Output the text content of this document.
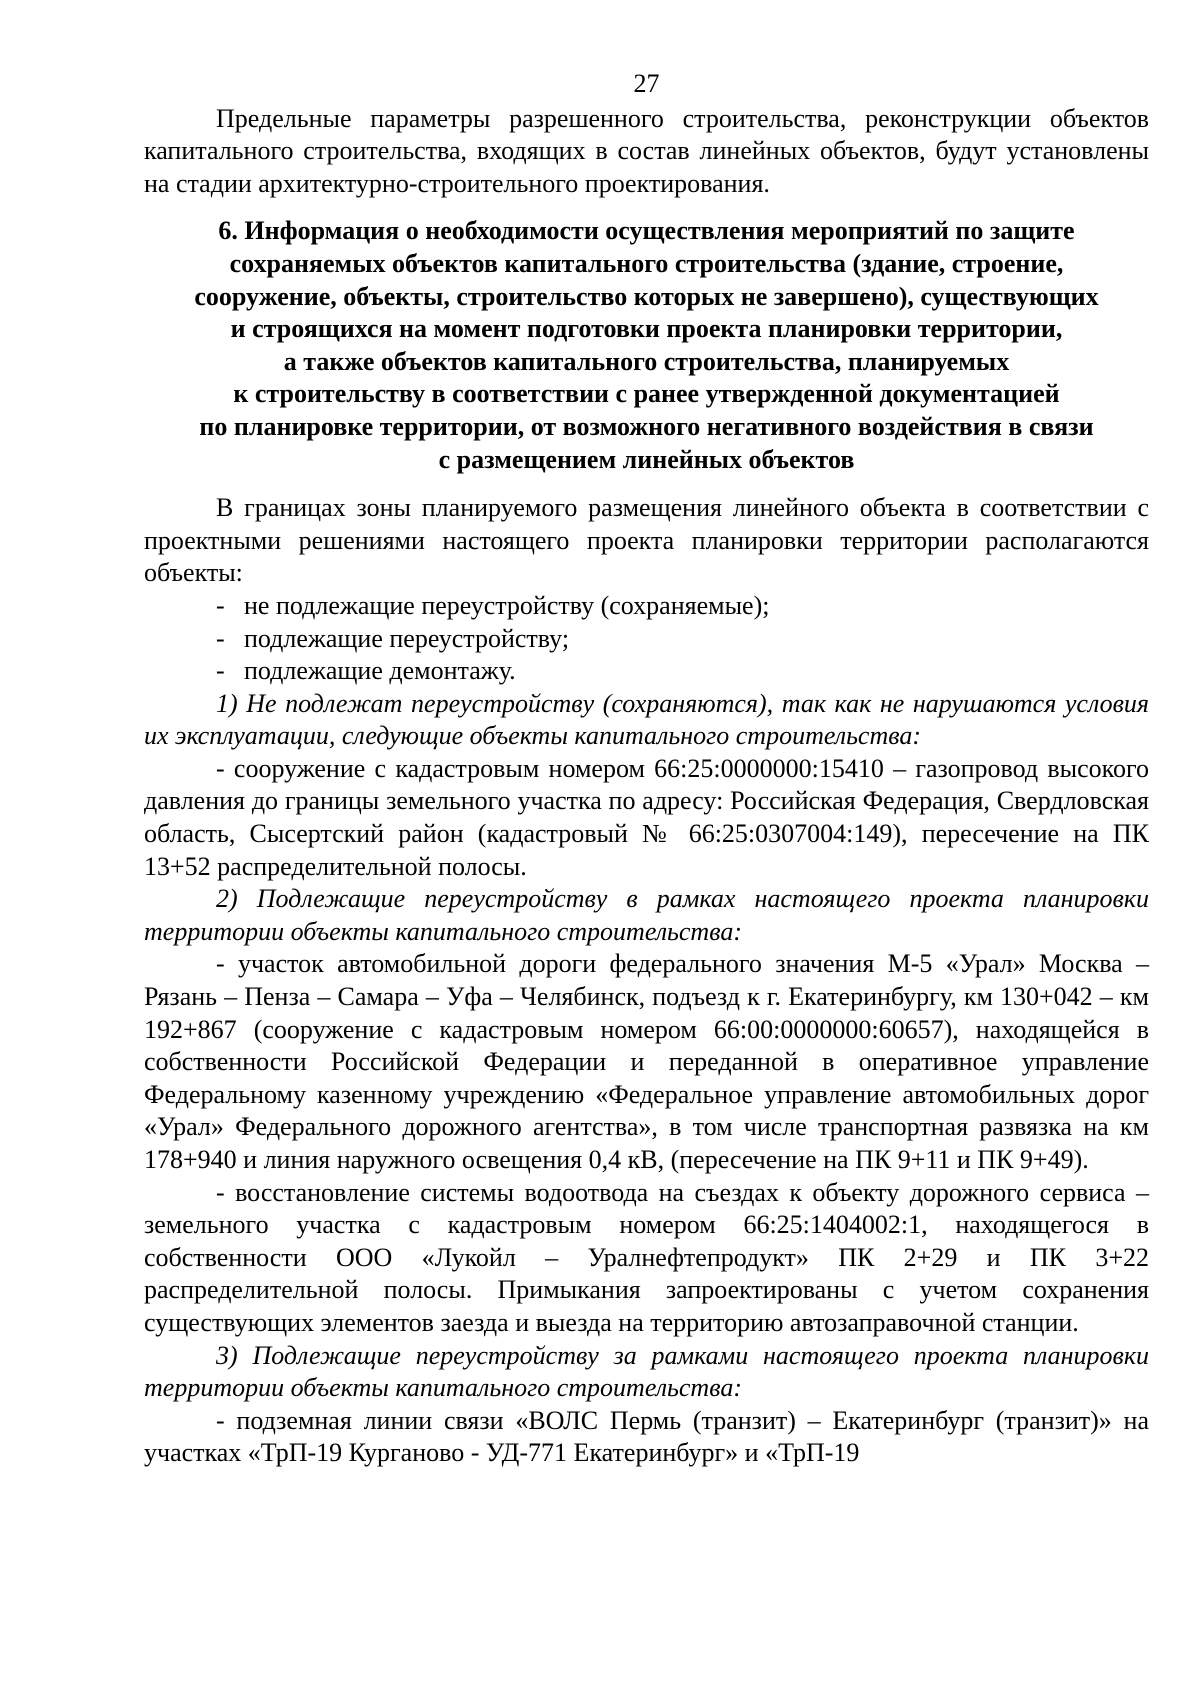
27

Предельные параметры разрешенного строительства, реконструкции объектов капитального строительства, входящих в состав линейных объектов, будут установлены на стадии архитектурно-строительного проектирования.

6. Информация о необходимости осуществления мероприятий по защите
сохраняемых объектов капитального строительства (здание, строение,
сооружение, объекты, строительство которых не завершено), существующих
и строящихся на момент подготовки проекта планировки территории,
а также объектов капитального строительства, планируемых
к строительству в соответствии с ранее утвержденной документацией
по планировке территории, от возможного негативного воздействия в связи
с размещением линейных объектов

В границах зоны планируемого размещения линейного объекта в соответствии с проектными решениями настоящего проекта планировки территории располагаются объекты:

- не подлежащие переустройству (сохраняемые);
- подлежащие переустройству;
- подлежащие демонтажу.

1) Не подлежат переустройству (сохраняются), так как не нарушаются условия их эксплуатации, следующие объекты капитального строительства:

- сооружение с кадастровым номером 66:25:0000000:15410 – газопровод высокого давления до границы земельного участка по адресу: Российская Федерация, Свердловская область, Сысертский район (кадастровый № 66:25:0307004:149), пересечение на ПК 13+52 распределительной полосы.

2) Подлежащие переустройству в рамках настоящего проекта планировки территории объекты капитального строительства:

- участок автомобильной дороги федерального значения М-5 «Урал» Москва – Рязань – Пенза – Самара – Уфа – Челябинск, подъезд к г. Екатеринбургу, км 130+042 – км 192+867 (сооружение с кадастровым номером 66:00:0000000:60657), находящейся в собственности Российской Федерации и переданной в оперативное управление Федеральному казенному учреждению «Федеральное управление автомобильных дорог «Урал» Федерального дорожного агентства», в том числе транспортная развязка на км 178+940 и линия наружного освещения 0,4 кВ, (пересечение на ПК 9+11 и ПК 9+49).

- восстановление системы водоотвода на съездах к объекту дорожного сервиса – земельного участка с кадастровым номером 66:25:1404002:1, находящегося в собственности ООО «Лукойл – Уралнефтепродукт» ПК 2+29 и ПК 3+22 распределительной полосы. Примыкания запроектированы с учетом сохранения существующих элементов заезда и выезда на территорию автозаправочной станции.

3) Подлежащие переустройству за рамками настоящего проекта планировки территории объекты капитального строительства:

- подземная линии связи «ВОЛС Пермь (транзит) – Екатеринбург (транзит)» на участках «ТрП-19 Курганово - УД-771 Екатеринбург» и «ТрП-19
